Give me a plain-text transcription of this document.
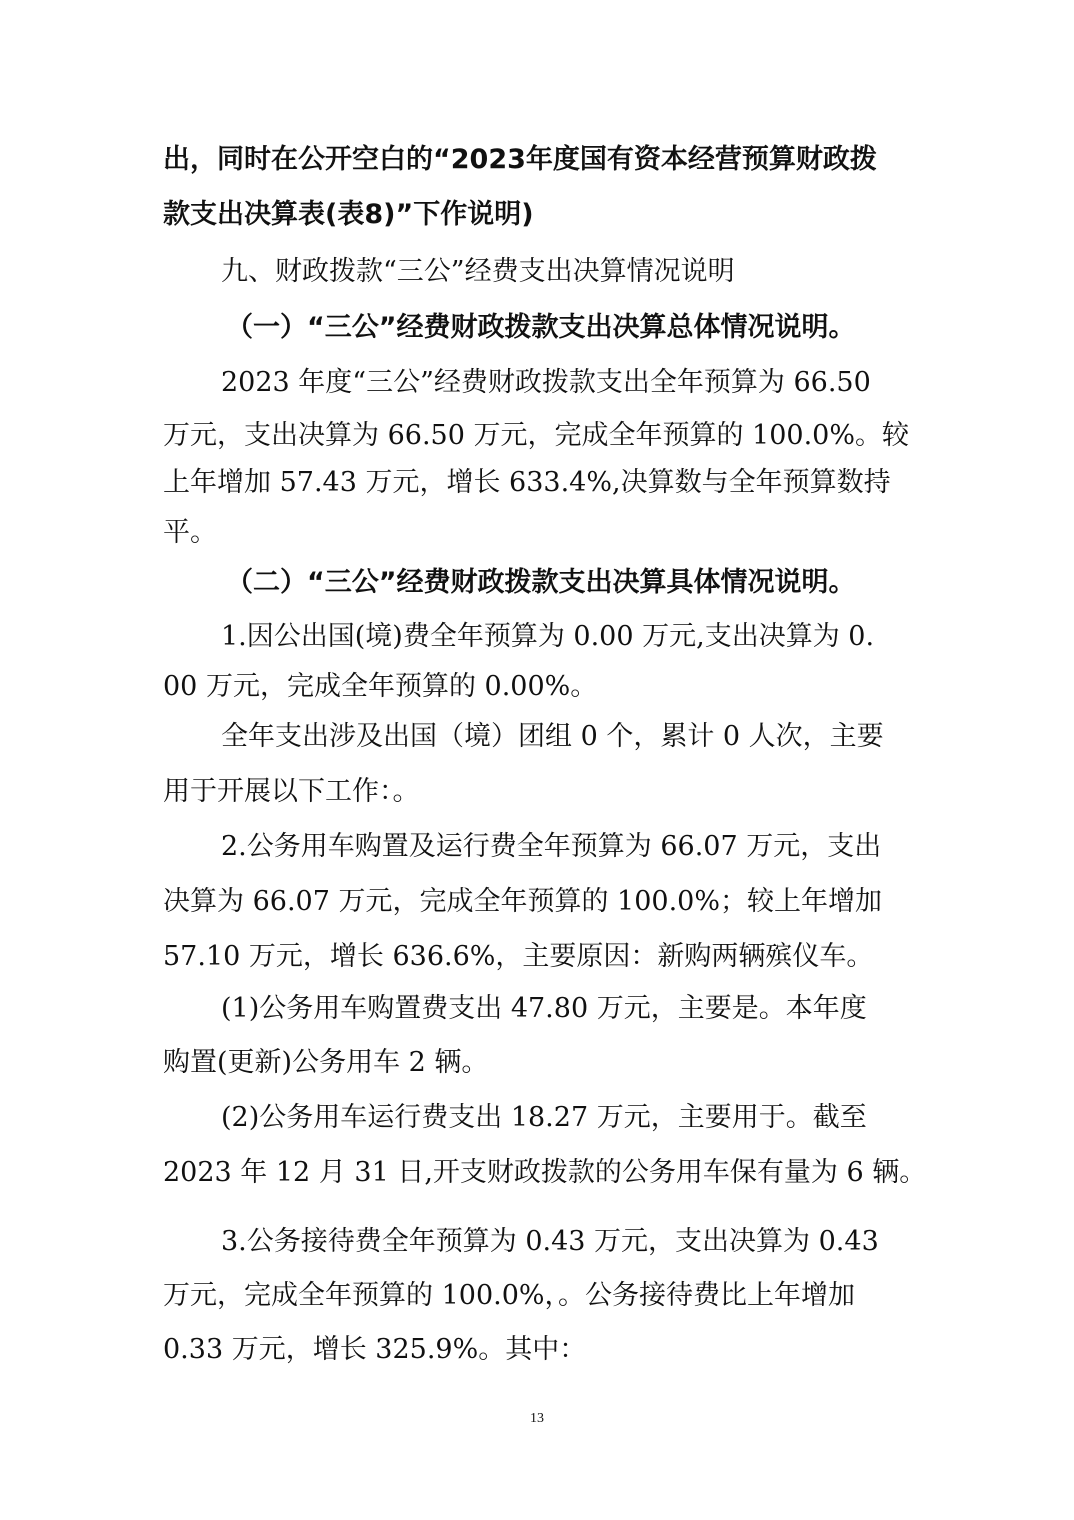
出，同时在公开空白的“2023年度国有资本经营预算财政拨
款支出决算表(表8)”下作说明)
九、财政拨款“三公”经费支出决算情况说明
（一）“三公”经费财政拨款支出决算总体情况说明。
2023 年度“三公”经费财政拨款支出全年预算为 66.50
万元，支出决算为 66.50 万元，完成全年预算的 100.0%。较
上年增加 57.43 万元，增长 633.4%,决算数与全年预算数持
平。
（二）“三公”经费财政拨款支出决算具体情况说明。
1.因公出国(境)费全年预算为 0.00 万元,支出决算为 0.
00 万元，完成全年预算的 0.00%。
全年支出涉及出国（境）团组 0 个，累计 0 人次，主要
用于开展以下工作：。
2.公务用车购置及运行费全年预算为 66.07 万元，支出
决算为 66.07 万元，完成全年预算的 100.0%；较上年增加
57.10 万元，增长 636.6%，主要原因：新购两辆殡仪车。
(1)公务用车购置费支出 47.80 万元，主要是。本年度
购置(更新)公务用车 2 辆。
(2)公务用车运行费支出 18.27 万元，主要用于。截至
2023 年 12 月 31 日,开支财政拨款的公务用车保有量为 6 辆。
3.公务接待费全年预算为 0.43 万元，支出决算为 0.43
万元，完成全年预算的 100.0%，。公务接待费比上年增加
0.33 万元，增长 325.9%。其中：
13
